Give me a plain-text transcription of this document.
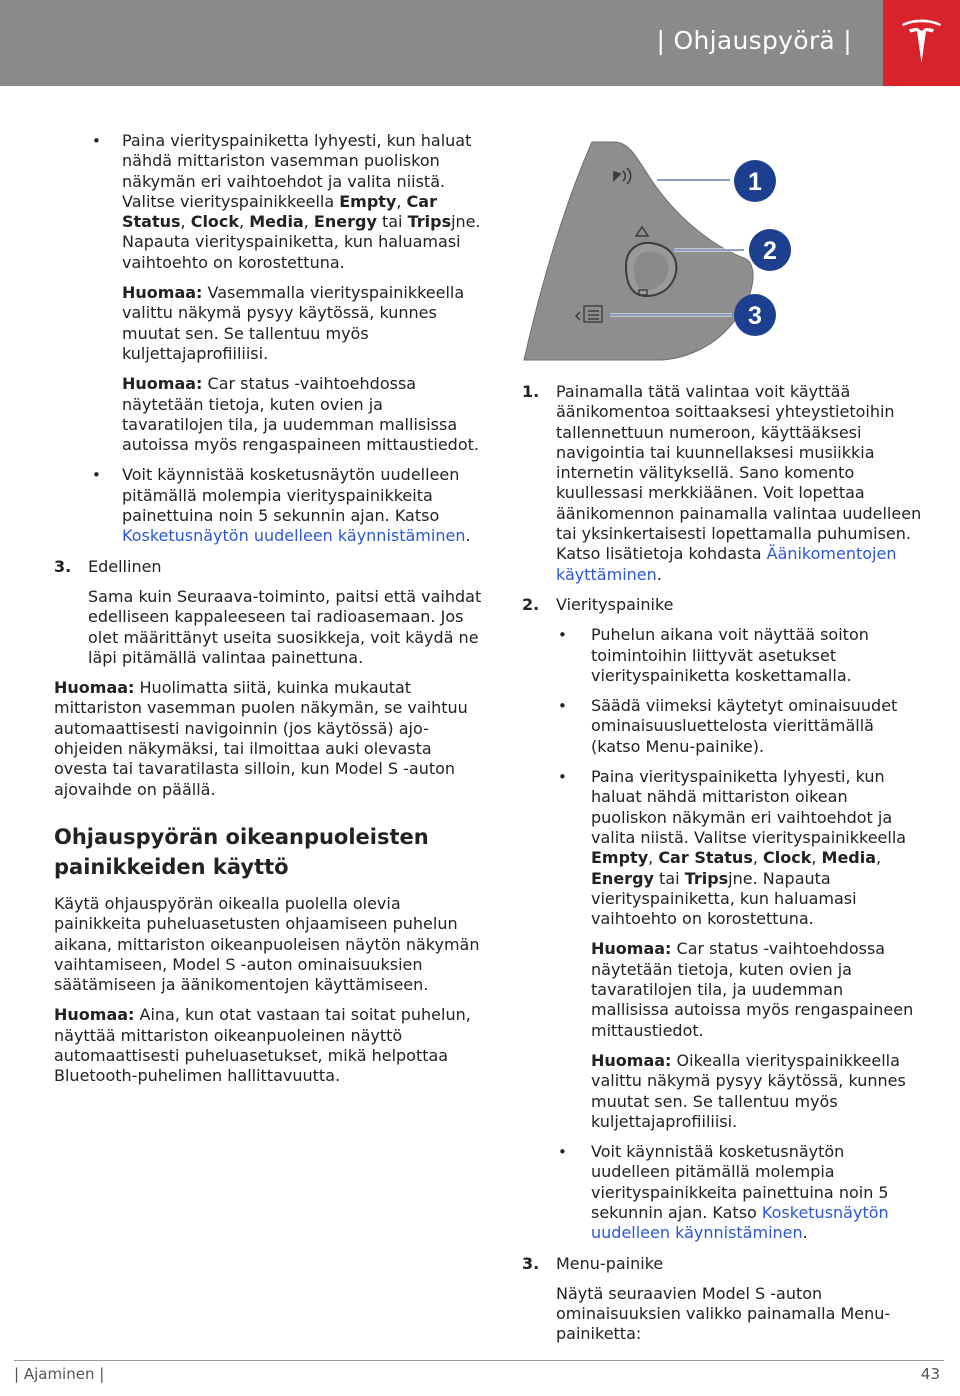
| Ohjauspyörä |
• Paina vierityspainiketta lyhyesti, kun haluat nähdä mittariston vasemman puoliskon näkymän eri vaihtoehdot ja valita niistä. Valitse vierityspainikkeella Empty, Car Status, Clock, Media, Energy tai Tripsjne. Napauta vierityspainiketta, kun haluamasi vaihtoehto on korostettuna.

Huomaa: Vasemmalla vierityspainikkeella valittu näkymä pysyy käytössä, kunnes muutat sen. Se tallentuu myös kuljettajaprofiiliisi.

Huomaa: Car status -vaihtoehdossa näytetään tietoja, kuten ovien ja tavaratilojen tila, ja uudemman mallisissa autoissa myös rengaspaineen mittaustiedot.

• Voit käynnistää kosketusnäytön uudelleen pitämällä molempia vierityspainikkeita painettuina noin 5 sekunnin ajan. Katso Kosketusnäytön uudelleen käynnistäminen.

3. Edellinen

Sama kuin Seuraava-toiminto, paitsi että vaihdat edelliseen kappaleeseen tai radioasemaan. Jos olet määrittänyt useita suosikkeja, voit käydä ne läpi pitämällä valintaa painettuna.

Huomaa: Huolimatta siitä, kuinka mukautat mittariston vasemman puolen näkymän, se vaihtuu automaattisesti navigoinnin (jos käytössä) ajo-ohjeiden näkymäksi, tai ilmoittaa auki olevasta ovesta tai tavaratilasta silloin, kun Model S -auton ajovaihde on päällä.

Ohjauspyörän oikeanpuoleisten painikkeiden käyttö

Käytä ohjauspyörän oikealla puolella olevia painikkeita puheluasetusten ohjaamiseen puhelun aikana, mittariston oikeanpuoleisen näytön näkymän vaihtamiseen, Model S -auton ominaisuuksien säätämiseen ja äänikomentojen käyttämiseen.

Huomaa: Aina, kun otat vastaan tai soitat puhelun, näyttää mittariston oikeanpuoleinen näyttö automaattisesti puheluasetukset, mikä helpottaa Bluetooth-puhelimen hallittavuutta.

1
2
3
1. Painamalla tätä valintaa voit käyttää äänikomentoa soittaaksesi yhteystietoihin tallennettuun numeroon, käyttääksesi navigointia tai kuunnellaksesi musiikkia internetin välityksellä. Sano komento kuullessasi merkkiäänen. Voit lopettaa äänikomennon painamalla valintaa uudelleen tai yksinkertaisesti lopettamalla puhumisen. Katso lisätietoja kohdasta Äänikomentojen käyttäminen.

2. Vierityspainike

• Puhelun aikana voit näyttää soiton toimintoihin liittyvät asetukset vierityspainiketta koskettamalla.

• Säädä viimeksi käytetyt ominaisuudet ominaisuusluettelosta vierittämällä (katso Menu-painike).

• Paina vierityspainiketta lyhyesti, kun haluat nähdä mittariston oikean puoliskon näkymän eri vaihtoehdot ja valita niistä. Valitse vierityspainikkeella Empty, Car Status, Clock, Media, Energy tai Tripsjne. Napauta vierityspainiketta, kun haluamasi vaihtoehto on korostettuna.

Huomaa: Car status -vaihtoehdossa näytetään tietoja, kuten ovien ja tavaratilojen tila, ja uudemman mallisissa autoissa myös rengaspaineen mittaustiedot.

Huomaa: Oikealla vierityspainikkeella valittu näkymä pysyy käytössä, kunnes muutat sen. Se tallentuu myös kuljettajaprofiiliisi.

• Voit käynnistää kosketusnäytön uudelleen pitämällä molempia vierityspainikkeita painettuina noin 5 sekunnin ajan. Katso Kosketusnäytön uudelleen käynnistäminen.

3. Menu-painike

Näytä seuraavien Model S -auton ominaisuuksien valikko painamalla Menu-painiketta:

| Ajaminen |	43
